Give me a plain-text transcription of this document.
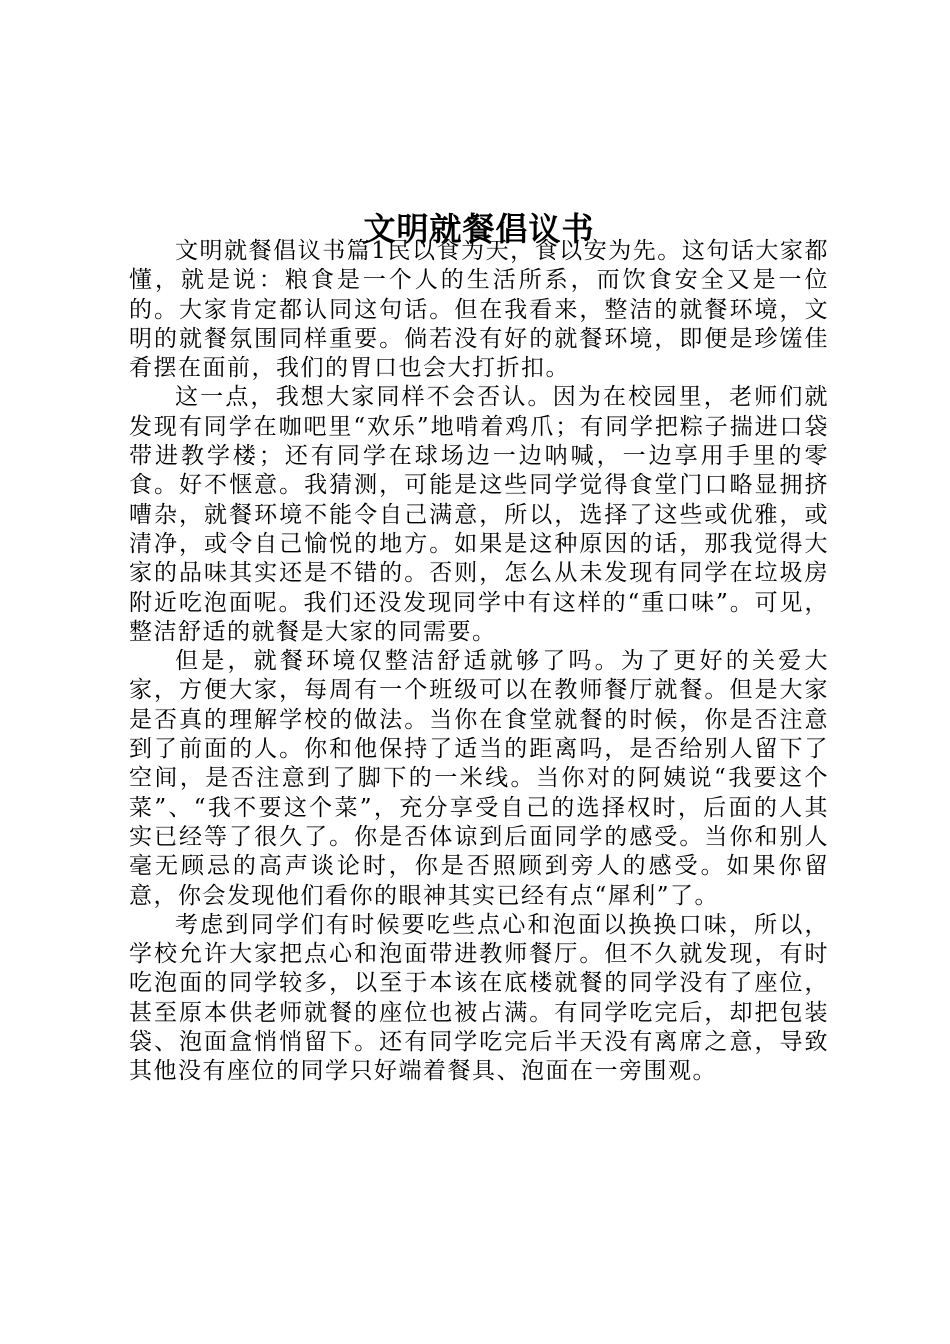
文明就餐倡议书

文明就餐倡议书篇1民以食为天，食以安为先。这句话大家都懂，就是说：粮食是一个人的生活所系，而饮食安全又是一位的。大家肯定都认同这句话。但在我看来，整洁的就餐环境，文明的就餐氛围同样重要。倘若没有好的就餐环境，即便是珍馐佳肴摆在面前，我们的胃口也会大打折扣。

这一点，我想大家同样不会否认。因为在校园里，老师们就发现有同学在咖吧里“欢乐”地啃着鸡爪；有同学把粽子揣进口袋带进教学楼；还有同学在球场边一边呐喊，一边享用手里的零食。好不惬意。我猜测，可能是这些同学觉得食堂门口略显拥挤嘈杂，就餐环境不能令自己满意，所以，选择了这些或优雅，或清净，或令自己愉悦的地方。如果是这种原因的话，那我觉得大家的品味其实还是不错的。否则，怎么从未发现有同学在垃圾房附近吃泡面呢。我们还没发现同学中有这样的“重口味”。可见，整洁舒适的就餐是大家的同需要。

但是，就餐环境仅整洁舒适就够了吗。为了更好的关爱大家，方便大家，每周有一个班级可以在教师餐厅就餐。但是大家是否真的理解学校的做法。当你在食堂就餐的时候，你是否注意到了前面的人。你和他保持了适当的距离吗，是否给别人留下了空间，是否注意到了脚下的一米线。当你对的阿姨说“我要这个菜”、“我不要这个菜”，充分享受自己的选择权时，后面的人其实已经等了很久了。你是否体谅到后面同学的感受。当你和别人毫无顾忌的高声谈论时，你是否照顾到旁人的感受。如果你留意，你会发现他们看你的眼神其实已经有点“犀利”了。

考虑到同学们有时候要吃些点心和泡面以换换口味，所以，学校允许大家把点心和泡面带进教师餐厅。但不久就发现，有时吃泡面的同学较多，以至于本该在底楼就餐的同学没有了座位，甚至原本供老师就餐的座位也被占满。有同学吃完后，却把包装袋、泡面盒悄悄留下。还有同学吃完后半天没有离席之意，导致其他没有座位的同学只好端着餐具、泡面在一旁围观。
